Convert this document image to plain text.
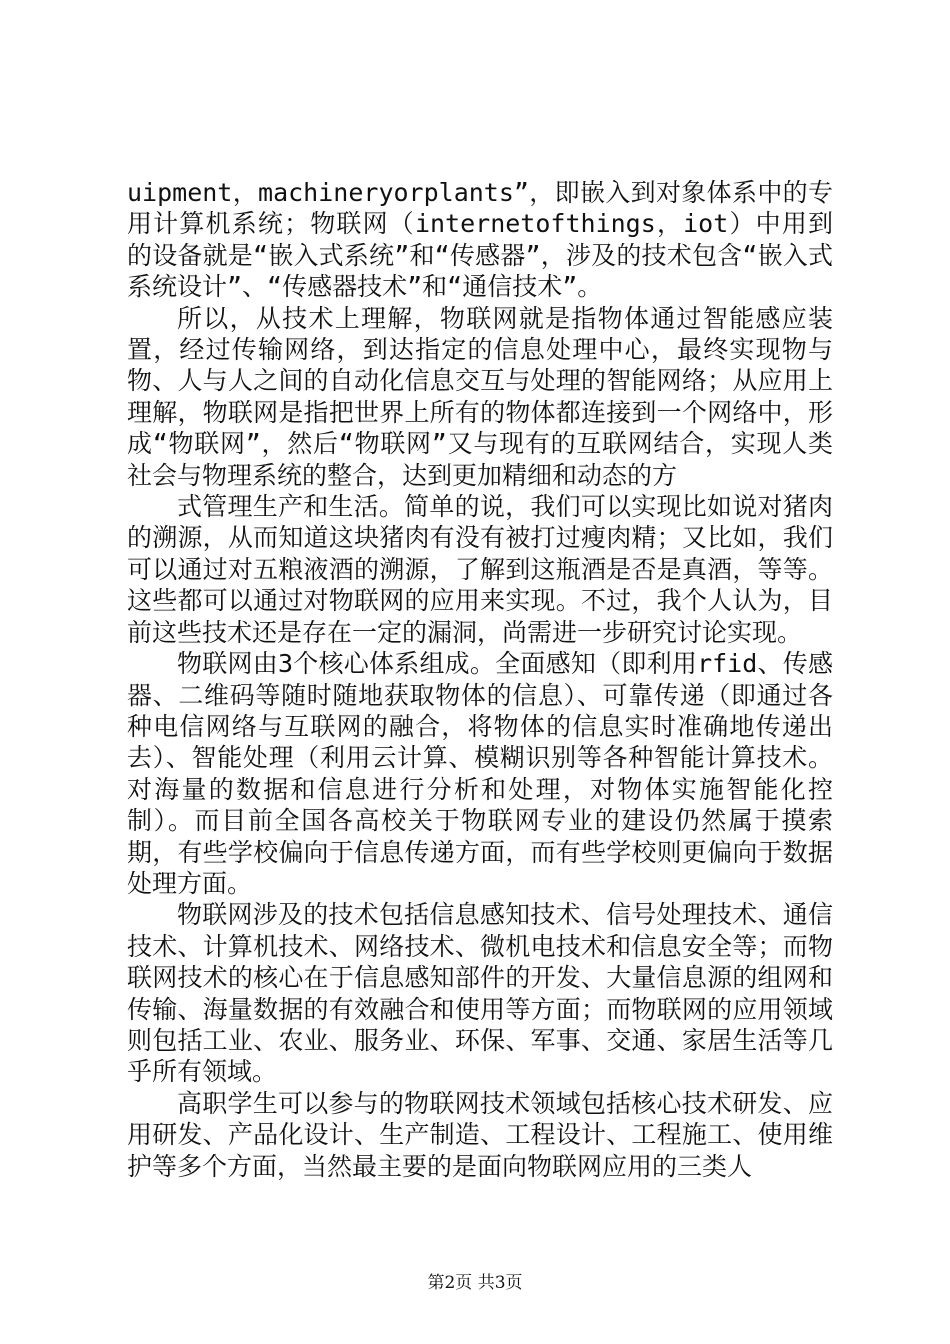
uipment，machineryorplants”，即嵌入到对象体系中的专用计算机系统；物联网（internetofthings，iot）中用到的设备就是“嵌入式系统”和“传感器”，涉及的技术包含“嵌入式系统设计”、“传感器技术”和“通信技术”。

所以，从技术上理解，物联网就是指物体通过智能感应装置，经过传输网络，到达指定的信息处理中心，最终实现物与物、人与人之间的自动化信息交互与处理的智能网络；从应用上理解，物联网是指把世界上所有的物体都连接到一个网络中，形成“物联网”，然后“物联网”又与现有的互联网结合，实现人类社会与物理系统的整合，达到更加精细和动态的方

式管理生产和生活。简单的说，我们可以实现比如说对猪肉的溯源，从而知道这块猪肉有没有被打过瘦肉精；又比如，我们可以通过对五粮液酒的溯源，了解到这瓶酒是否是真酒，等等。这些都可以通过对物联网的应用来实现。不过，我个人认为，目前这些技术还是存在一定的漏洞，尚需进一步研究讨论实现。

物联网由3个核心体系组成。全面感知（即利用rfid、传感器、二维码等随时随地获取物体的信息）、可靠传递（即通过各种电信网络与互联网的融合，将物体的信息实时准确地传递出去）、智能处理（利用云计算、模糊识别等各种智能计算技术。对海量的数据和信息进行分析和处理，对物体实施智能化控制）。而目前全国各高校关于物联网专业的建设仍然属于摸索期，有些学校偏向于信息传递方面，而有些学校则更偏向于数据处理方面。

物联网涉及的技术包括信息感知技术、信号处理技术、通信技术、计算机技术、网络技术、微机电技术和信息安全等；而物联网技术的核心在于信息感知部件的开发、大量信息源的组网和传输、海量数据的有效融合和使用等方面；而物联网的应用领域则包括工业、农业、服务业、环保、军事、交通、家居生活等几乎所有领域。

高职学生可以参与的物联网技术领域包括核心技术研发、应用研发、产品化设计、生产制造、工程设计、工程施工、使用维护等多个方面，当然最主要的是面向物联网应用的三类人

第2页 共3页
